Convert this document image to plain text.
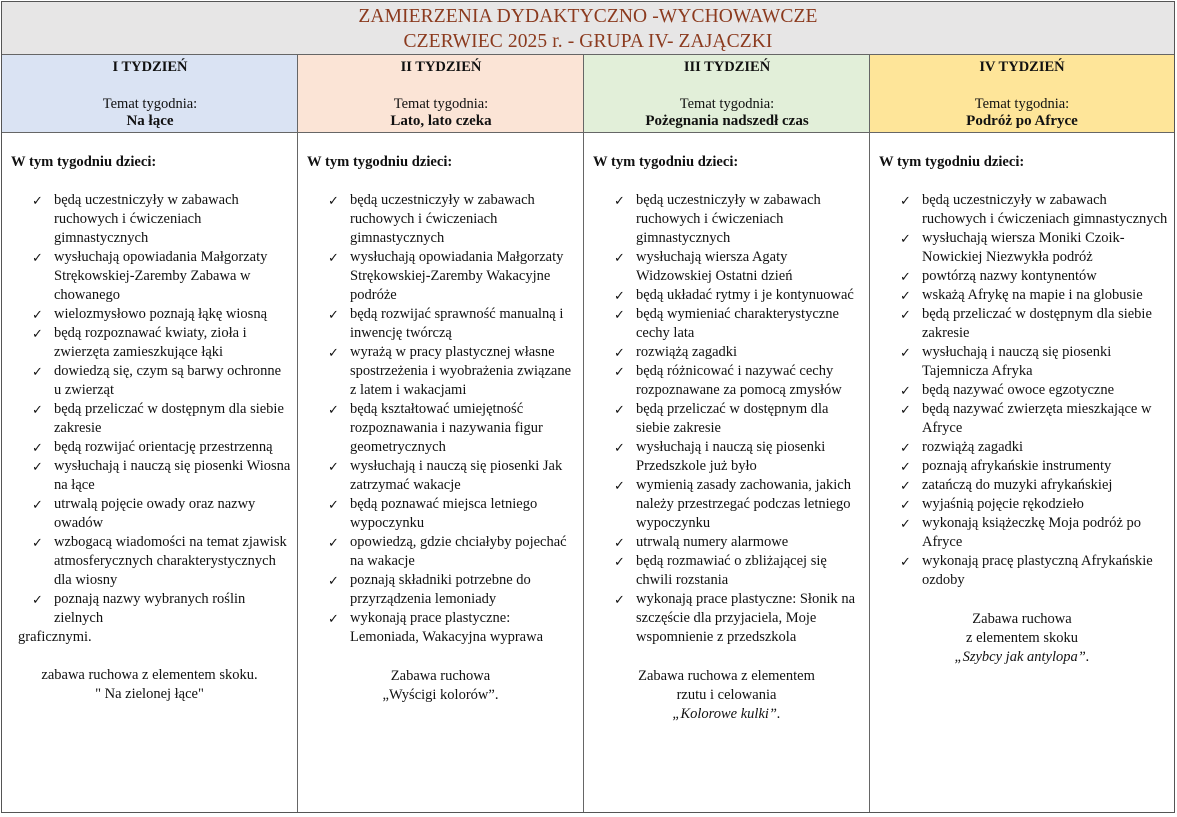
ZAMIERZENIA DYDAKTYCZNO -WYCHOWAWCZE
CZERWIEC 2025 r. - GRUPA IV- ZAJĄCZKI
I TYDZIEŃ
Temat tygodnia:
Na łące
II TYDZIEŃ
Temat tygodnia:
Lato, lato czeka
III TYDZIEŃ
Temat tygodnia:
Pożegnania nadszedł czas
IV TYDZIEŃ
Temat tygodnia:
Podróż po Afryce
W tym tygodniu dzieci:
✓ będą uczestniczyły w zabawach ruchowych i ćwiczeniach gimnastycznych
✓ wysłuchają opowiadania Małgorzaty Strękowskiej-Zaremby Zabawa w chowanego
✓ wielozmysłowo poznają łąkę wiosną
✓ będą rozpoznawać kwiaty, zioła i zwierzęta zamieszkujące łąki
✓ dowiedzą się, czym są barwy ochronne u zwierząt
✓ będą przeliczać w dostępnym dla siebie zakresie
✓ będą rozwijać orientację przestrzenną
✓ wysłuchają i nauczą się piosenki Wiosna na łące
✓ utrwalą pojęcie owady oraz nazwy owadów
✓ wzbogacą wiadomości na temat zjawisk atmosferycznych charakterystycznych dla wiosny
✓ poznają nazwy wybranych roślin zielnych
graficznymi.
zabawa ruchowa z elementem skoku.
" Na zielonej łące"
W tym tygodniu dzieci:
✓ będą uczestniczyły w zabawach ruchowych i ćwiczeniach gimnastycznych
✓ wysłuchają opowiadania Małgorzaty Strękowskiej-Zaremby Wakacyjne podróże
✓ będą rozwijać sprawność manualną i inwencję twórczą
✓ wyrażą w pracy plastycznej własne spostrzeżenia i wyobrażenia związane z latem i wakacjami
✓ będą kształtować umiejętność rozpoznawania i nazywania figur geometrycznych
✓ wysłuchają i nauczą się piosenki Jak zatrzymać wakacje
✓ będą poznawać miejsca letniego wypoczynku
✓ opowiedzą, gdzie chciałyby pojechać na wakacje
✓ poznają składniki potrzebne do przyrządzenia lemoniady
✓ wykonają prace plastyczne: Lemoniada, Wakacyjna wyprawa
Zabawa ruchowa
„Wyścigi kolorów”.
W tym tygodniu dzieci:
✓ będą uczestniczyły w zabawach ruchowych i ćwiczeniach gimnastycznych
✓ wysłuchają wiersza Agaty Widzowskiej Ostatni dzień
✓ będą układać rytmy i je kontynuować
✓ będą wymieniać charakterystyczne cechy lata
✓ rozwiążą zagadki
✓ będą różnicować i nazywać cechy rozpoznawane za pomocą zmysłów
✓ będą przeliczać w dostępnym dla siebie zakresie
✓ wysłuchają i nauczą się piosenki Przedszkole już było
✓ wymienią zasady zachowania, jakich należy przestrzegać podczas letniego wypoczynku
✓ utrwalą numery alarmowe
✓ będą rozmawiać o zbliżającej się chwili rozstania
✓ wykonają prace plastyczne: Słonik na szczęście dla przyjaciela, Moje wspomnienie z przedszkola
Zabawa ruchowa z elementem
rzutu i celowania
„Kolorowe kulki”.
W tym tygodniu dzieci:
✓ będą uczestniczyły w zabawach ruchowych i ćwiczeniach gimnastycznych
✓ wysłuchają wiersza Moniki Czoik-Nowickiej Niezwykła podróż
✓ powtórzą nazwy kontynentów
✓ wskażą Afrykę na mapie i na globusie
✓ będą przeliczać w dostępnym dla siebie zakresie
✓ wysłuchają i nauczą się piosenki Tajemnicza Afryka
✓ będą nazywać owoce egzotyczne
✓ będą nazywać zwierzęta mieszkające w Afryce
✓ rozwiążą zagadki
✓ poznają afrykańskie instrumenty
✓ zatańczą do muzyki afrykańskiej
✓ wyjaśnią pojęcie rękodzieło
✓ wykonają książeczkę Moja podróż po Afryce
✓ wykonają pracę plastyczną Afrykańskie ozdoby
Zabawa ruchowa
z elementem skoku
„Szybcy jak antylopa”.
